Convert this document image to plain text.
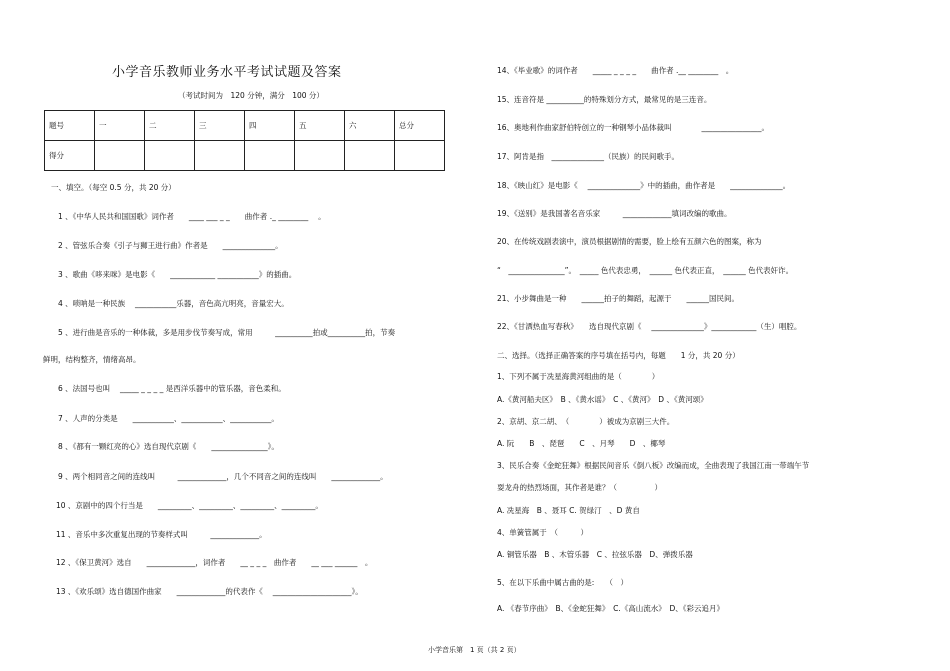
小学音乐教师业务水平考试试题及答案
（考试时间为　120 分钟，满分　100 分）
题号	一	二	三	四	五	六	总分
得分							
一、填空。（每空 0.5 分，共 20 分）
1 、《中华人民共和国国歌》词作者　　____ ___ _ _　　曲作者 ._ ________ 　。
2 、管弦乐合奏《引子与狮王进行曲》作者是　　______________。
3 、歌曲《哆来咪》是电影《　　____________ ___________》的插曲。
4 、唢呐是一种民族　 ___________乐器，音色高亢明亮，音量宏大。
5 、进行曲是音乐的一种体裁，多是用步伐节奏写成，常用　　　__________拍或__________拍，节奏
鲜明，结构整齐，情绪高昂。
6 、法国号也叫　 _____ _ _ _ _ 是西洋乐器中的管乐器，音色柔和。
7 、人声的分类是　　___________、___________、___________。
8 、《都有一颗红亮的心》选自现代京剧《　　_______________》。
9 、两个相同音之间的连线叫　　　_____________，几个不同音之间的连线叫　　_____________。
10 、京剧中的四个行当是　　_________、_________、_________、_________。
11 、音乐中多次重复出现的节奏样式叫　　　_____________。
12 、《保卫黄河》选自　　_____________，词作者　　__ _ _ _　曲作者　　__ ___ ______　。
13 、《欢乐颂》选自德国作曲家　　_____________的代表作《　 _____________________》。
14、《毕业歌》的词作者　　_____ _ _ _ _　　曲作者 .__ ________　。
15、连音符是 __________的特殊划分方式，最常见的是三连音。
16、奥地利作曲家舒伯特创立的一种钢琴小品体裁叫　　　　________________。
17、阿肯是指　______________（民族）的民间歌手。
18、《映山红》是电影《　 ______________》中的插曲，曲作者是　　______________。
19、《送别》是我国著名音乐家　　　_____________填词改编的歌曲。
20、在传统戏剧表演中，演员根据剧情的需要，脸上绘有五颜六色的图案，称为
“　_______________”。　_____ 色代表忠勇，　______ 色代表正直，　______ 色代表奸诈。
21、小步舞曲是一种　　______拍子的舞蹈，起源于　　______国民间。
22、《甘洒热血写春秋》　　选自现代京剧《　 ______________》____________（生）唱腔。
二、选择。（选择正确答案的序号填在括号内，每题　　1 分，共 20 分）
1、下列不属于冼星海黄河组曲的是（　　　　）
A.《黄河船夫区》　B 、《黄水谣》　C 、《黄河》　D 、《黄河颂》
2、京胡、京二胡、　（　　　　）被成为京剧三大件。
A. 阮　　B　、琵琶　　C　、月琴　　D　、椰琴
3、民乐合奏《金蛇狂舞》根据民间音乐《倒八板》改编而成，全曲表现了我国江南一带端午节
耍龙舟的热烈场面，其作者是谁？（　　　　　）
A. 冼星海　B 、聂耳 C. 贺绿汀　、D 黄自
4、单簧管属于　（　　　）
A. 铜管乐器　B 、木管乐器　C 、拉弦乐器　D、弹拨乐器
5、在以下乐曲中属古曲的是:　　（　）
A. 《春节序曲》　B、《金蛇狂舞》　C.《高山流水》　D、《彩云追月》
小学音乐第　1 页（共 2 页）
